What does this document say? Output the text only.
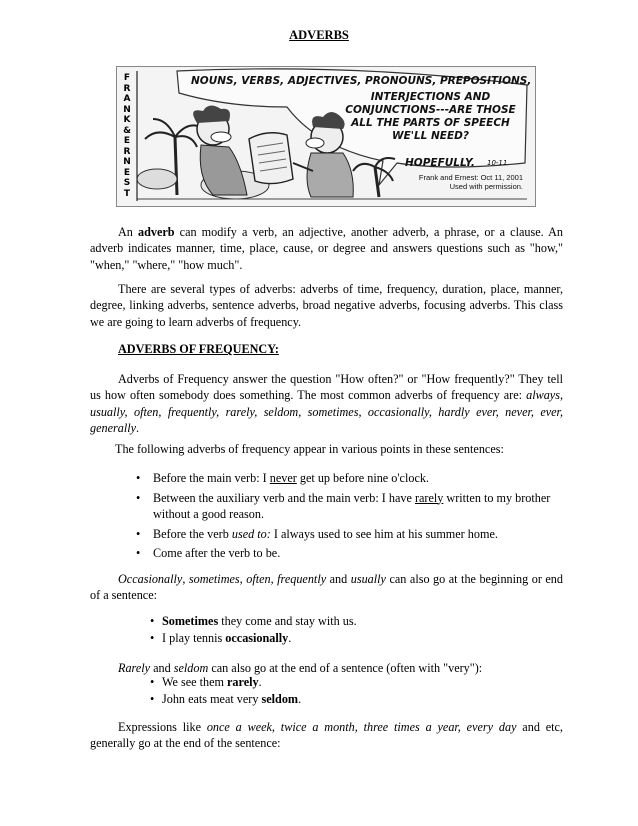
ADVERBS
F
R
A
N
K
&
E
R
N
E
S
T
NOUNS, VERBS, ADJECTIVES, PRONOUNS, PREPOSITIONS,
INTERJECTIONS AND CONJUNCTIONS---ARE THOSE ALL THE PARTS OF SPEECH WE'LL NEED?
HOPEFULLY. 10-11
Frank and Ernest: Oct 11, 2001
Used with permission.

An adverb can modify a verb, an adjective, another adverb, a phrase, or a clause. An adverb indicates manner, time, place, cause, or degree and answers questions such as "how," "when," "where," "how much".

There are several types of adverbs: adverbs of time, frequency, duration, place, manner, degree, linking adverbs, sentence adverbs, broad negative adverbs, focusing adverbs. This class we are going to learn adverbs of frequency.

ADVERBS OF FREQUENCY:

Adverbs of Frequency answer the question "How often?" or "How frequently?" They tell us how often somebody does something. The most common adverbs of frequency are: always, usually, often, frequently, rarely, seldom, sometimes, occasionally, hardly ever, never, ever, generally.

The following adverbs of frequency appear in various points in these sentences:
• Before the main verb: I never get up before nine o'clock.
• Between the auxiliary verb and the main verb: I have rarely written to my brother without a good reason.
• Before the verb used to: I always used to see him at his summer home.
• Come after the verb to be.

Occasionally, sometimes, often, frequently and usually can also go at the beginning or end of a sentence:

• Sometimes they come and stay with us.
• I play tennis occasionally.

Rarely and seldom can also go at the end of a sentence (often with "very"):

• We see them rarely.
• John eats meat very seldom.

Expressions like once a week, twice a month, three times a year, every day and etc, generally go at the end of the sentence:
